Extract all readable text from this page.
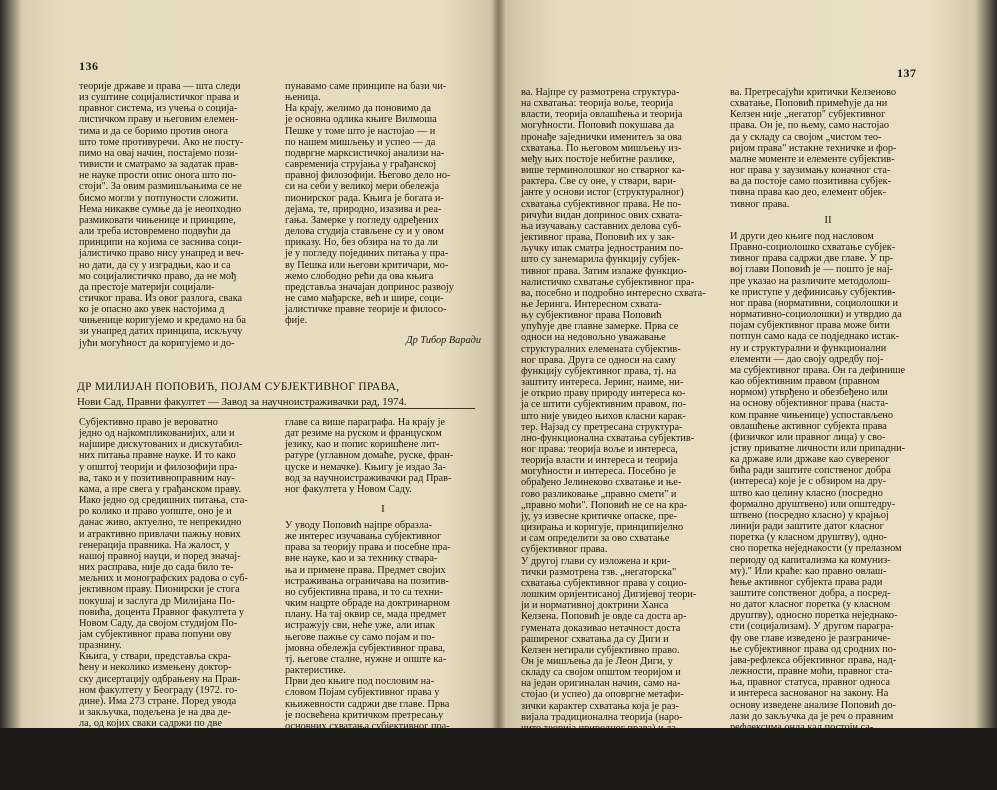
136
теорије државе и права — шта следи
из суштине социјалистичког права и
правног система, из учења о соција-
листичком праву и његовим елемен-
тима и да се боримо против онога
што томе противуречи. Ако не посту-
пимо на овај начин, постајемо пози-
тивисти и сматрамо за задатак прав-
не науке прости опис онога што по-
стоји". За овим размишљањима се не
бисмо могли у потпуности сложити.
Нема никакве сумње да је неопходно
размиковати чињенице и принципе,
али треба истовремено подвући да
принципи на којима се заснива соци-
јалистичко право нису унапред и веч-
но дати, да су у изградњи, као и са
мо социјалистичко право, да не мођ
да престоје материји социјали-
стичког права. Из овог разлога, свака
ко је опасно ако увек настојима д
чињенице коригујемо и кредамо на ба
зи унапред датих принципа, искључу
јући могућност да коригујемо и до-
пунавамо саме принципе на бази чи-
њеница.
На крају, желимо да поновимо да
је основна одлика књиге Вилмоша
Пешке у томе што је настојао — и
по нашем мишљењу и успео — да
подвргне марксистичкој анализи на-
савременија струјања у грађанској
правној филозофији. Његово дело но-
си на себи у великој мери обележја
пионирског рада. Књига је богата и-
дејама, те, природно, изазива и реа-
гања. Замерке у погледу одређених
делова студија стављене су и у овом
приказу. Но, без обзира на то да ли
је у погледу појединих питања у пра-
ву Пешка или његови критичари, мо-
жемо слободно рећи да ова књига
представља значајан допринос развоју
не само мађарске, већ и шире, соци-
јалистичке правне теорије и филосо-
фије.

Др Тибор Варади

ДР МИЛИЈАН ПОПОВИЋ, ПОЈАМ СУБЈЕКТИВНОГ ПРАВА,
Нови Сад, Правни факултет — Завод за научноистраживачки рад, 1974.
Субјективно право је вероватно
једно од најкомпликованијих, али и
најшире дискутованих и дискутабил-
них питања правне науке. И то како
у општој теорији и филозофији пра-
ва, тако и у позитивноправним нау-
кама, а пре свега у грађанском праву.
Иако једно од средишних питања, ста-
ро колико и право уопште, оно је и
данас живо, актуелно, те непрекидно
и атрактивно привлачи пажњу нових
генерација правника. На жалост, у
нашој правној науци, и поред значај-
них расправа, није до сада било те-
мељних и монографских радова о суб-
јективном праву. Пионирски је стога
покушај и заслуга др Милијана По-
повића, доцента Правног факултета у
Новом Саду, да својом студијом По-
јам субјективног права попуни ову
празнину.
Књига, у ствари, представља скра-
ћену и неколико измењену доктор-
ску дисертацију одбрањену на Прав-
ном факултету у Београду (1972. го-
дине). Има 273 стране. Поред увода
и закључка, подељена је на два де-
ла, од којих сваки садржи по две
главе са више параграфа. На крају је
дат резиме на руском и француском
језику, као и попис коришћене лит-
ратуре (углавном домаће, руске, фран-
цуске и немачке). Књигу је издао За-
вод за научноистраживачки рад Прав-
ног факултета у Новом Саду.
I
У уводу Поповић најпре образла-
же интерес изучавања субјективног
права за теорију права и посебне пра-
вне науке, као и за технику ствара-
ња и примене права. Предмет својих
истраживања ограничава на позитив-
но субјективна права, и то са техни-
чким нацрте обраде на доктринарном
плану. На тај оквир се, мада предмет
истражују сви, неће уже, али ипак
његове пажње су само појам и по-
јмовна обележја субјективног права,
тј. његове сталне, нужне и опште ка-
рактеристике.
Први део књиге под пословим на-
словом Појам субјективног права у
књижевности садржи две главе. Прва
је посвећена критичком претресању
основних схватања субјективног пра-
137
ва. Најпре су размотрена структура-
на схватања: теорија воље, теорија
власти, теорија овлашћења и теорија
могућности. Поповић покушава да
пронађе заједнички именитељ за ова
схватања. По његовом мишљењу из-
међу њих постоје небитне разлике,
више терминолошког но стварног ка-
рактера. Све су оне, у ствари, вари-
јанте у основи истог (структуралног)
схватања субјективног права. Не по-
ричући видан допринос ових схвата-
ња изучавању саставних делова суб-
јективног права, Поповић их у зак-
ључку ипак сматра једностраним по-
што су занемарила функцију субјек-
тивног права. Затим излаже функцио-
налистичко схватање субјективног пра-
ва, посебно и подробно интересно схвата-
ње Јеринга. Интересном схвата-
њу субјективног права Поповић
упућује две главне замерке. Прва се
односи на недовољно уважавање
структуралних елемената субјектив-
ног права. Друга се односи на саму
функцију субјективног права, тј. на
заштиту интереса. Јеринг, наиме, ни-
је открио праву природу интереса ко-
ја се штити субјективним правом, по-
што није увидео њихов класни карак-
тер. Најзад су претресана структура-
лно-функционална схватања субјектив-
ног права: теорија воље и интереса,
теорија власти и интереса и теорија
могућности и интереса. Посебно је
обрађено Јелинеково схватање и ње-
гово разликовање „правно смети" и
„правно моћи". Поповић не се на кра-
ју, уз извесне критичке опаске, пре-
цизирања и коригује, принципијелно
и сам определити за ово схватање
субјективног права.
У другој глави су изложена и кри-
тички размотрена тзв. „негаторска"
схватања субјективног права у социо-
лошким оријентисаној Дигијевој теори-
ји и нормативној доктрини Ханса
Келзена. Поповић је овде са доста ар-
гумената доказивао нетачност доста
раширеног схватања да су Диги и
Келзен негирали субјективно право.
Он је мишљења да је Леон Диги, у
складу са својом општом теоријом и
на један оригиналан начин, само на-
стојао (и успео) да оповргне метафи-
зички карактер схватања која је раз-
вијала традиционална теорија (наро-
чито теорија природног права) и да
истакне идеју социјализације права.
Али да он, без обзира на терминоло-
гију (субјективна правна ситуација),
не негира субјективно право као кате-
горију и структуралне елементе пра-
ва. Претресајући критички Келзеново
схватање, Поповић примећује да ни
Келзен није „негатор" субјективног
права. Он је, по њему, само настојао
да у складу са својом „чистом тео-
ријом права" истакне техничке и фор-
малне моменте и елементе субјектив-
ног права у заузимању коначног ста-
ва да постоје само позитивна субјек-
тивна права као део, елемент објек-
тивног права.
II
И други део књиге под насловом
Правно-социолошко схватање субјек-
тивног права садржи две главе. У пр-
вој глави Поповић је — пошто је нај-
пре указао на различите методолош-
ке приступе у дефинисању субјектив-
ног права (нормативни, социолошки и
нормативно-социолошки) и утврдио да
појам субјективног права може бити
потпун само када се подједнако истак-
ну и структурални и функционални
елементи — дао своју одредбу пој-
ма субјективног права. Он га дефинише
као објективним правом (правном
нормом) утврђено и обезбеђено или
на основу објективног права (наста-
ком правне чињенице) успостављено
овлашћење активног субјекта права
(физичког или правног лица) у сво-
јству приватне личности или припадни-
ка државе или државе као сувереног
бића ради заштите сопственог добра
(интереса) које је с обзиром на дру-
штво као целину класно (посредно
формално друштвено) или општедру-
штвено (посредно класно) у крајњој
линији ради заштите датог класног
поретка (у класном друштву), одно-
сно поретка неједнакости (у прелазном
периоду од капитализма ка комуниз-
му)." Или краће: као правно овлаш-
ћење активног субјекта права ради
заштите сопственог добра, а посред-
но датог класног поретка (у класном
друштву), односно поретка неједнако-
сти (социјализам). У другом парагра-
фу ове главе изведено је разграниче-
ње субјективног права од сродних по-
јава-рефлекса објективног права, над-
лежности, правне моћи, правног ста-
ња, правног статуса, правног односа
и интереса заснованог на закону. На
основу изведене анализе Поповић до-
лази до закључка да је реч о правним
рефлексима онда кад постоји са-
мо интерес без правног овлашћења.
Он не прихвата мишљење да је над-
лежност нова врста правног овлашће-
ња и сматра да је она део скупа суб-
